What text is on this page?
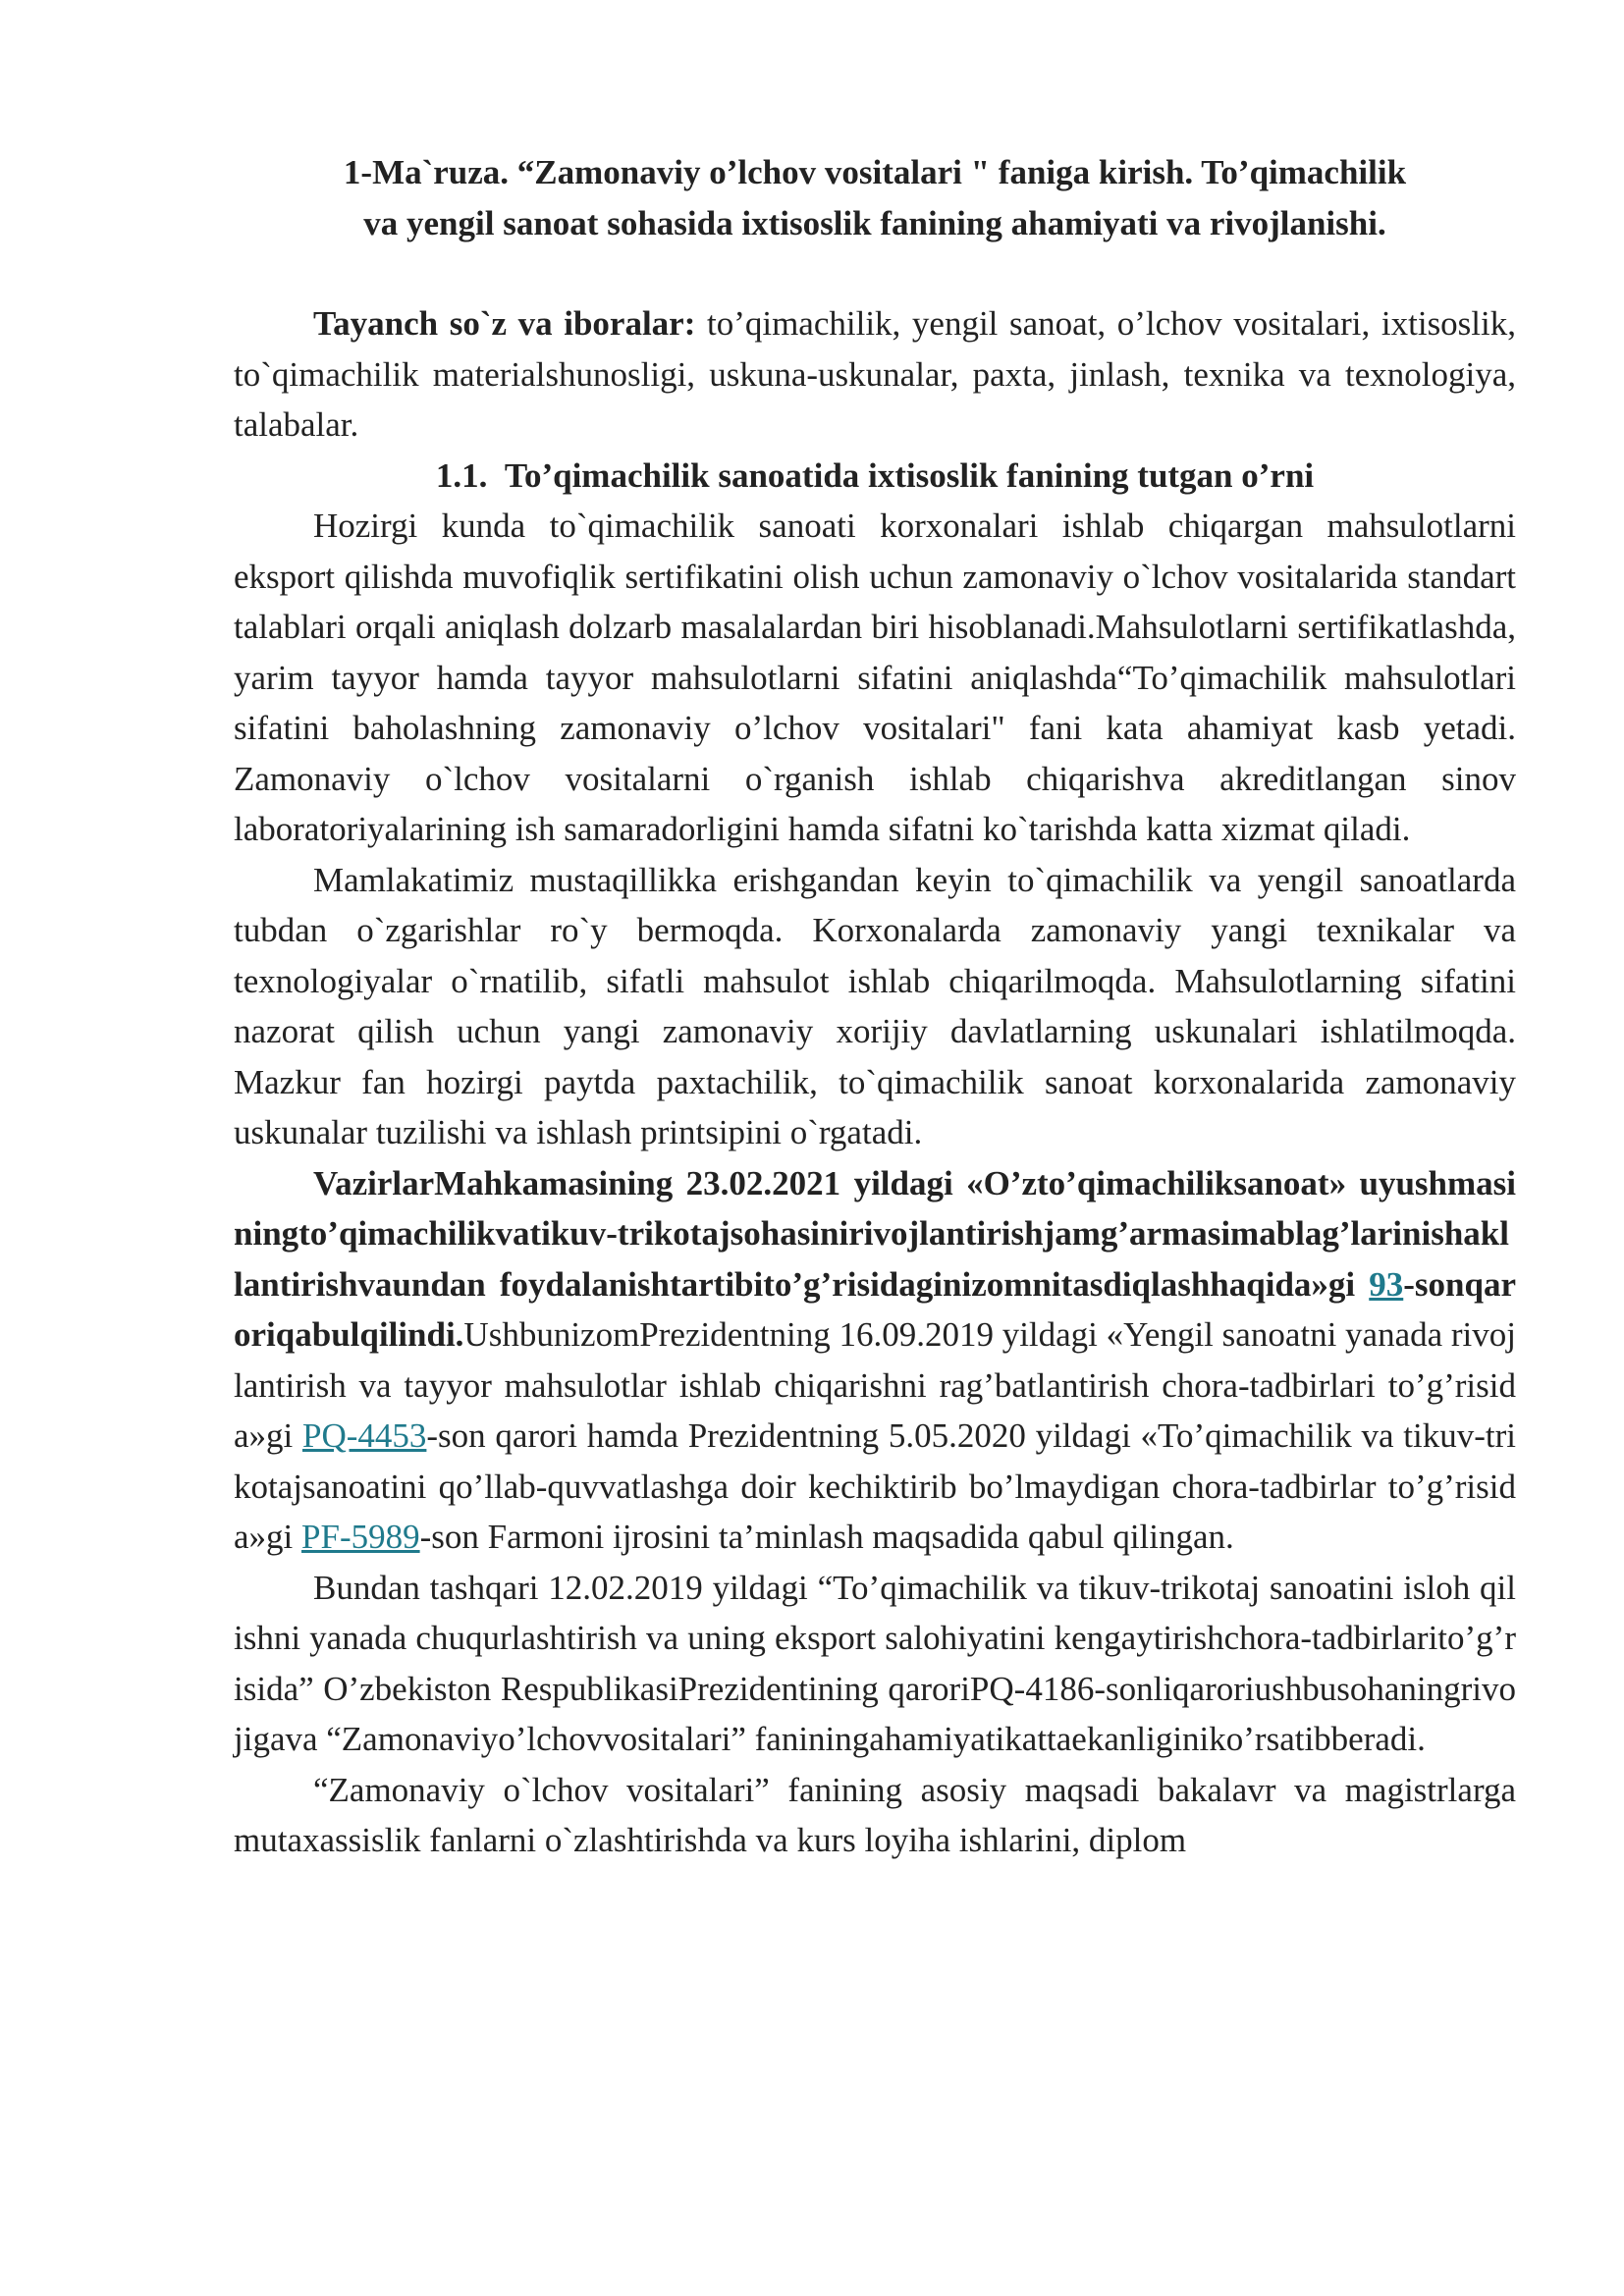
1-Ma`ruza. “Zamonaviy o’lchov vositalari " faniga kirish. To’qimachilik
va yengil sanoat sohasida ixtisoslik fanining ahamiyati va rivojlanishi.

Tayanch so`z va iboralar: to’qimachilik, yengil sanoat, o’lchov vositalari, ixtisoslik, to`qimachilik materialshunosligi, uskuna-uskunalar, paxta, jinlash, texnika va texnologiya, talabalar.

1.1. To’qimachilik sanoatida ixtisoslik fanining tutgan o’rni

Hozirgi kunda to`qimachilik sanoati korxonalari ishlab chiqargan mahsulotlarni eksport qilishda muvofiqlik sertifikatini olish uchun zamonaviy o`lchov vositalarida standart talablari orqali aniqlash dolzarb masalalardan biri hisoblanadi.Mahsulotlarni sertifikatlashda, yarim tayyor hamda tayyor mahsulotlarni sifatini aniqlashda“To’qimachilik mahsulotlari sifatini baholashning zamonaviy o’lchov vositalari" fani kata ahamiyat kasb yetadi. Zamonaviy o`lchov vositalarni o`rganish ishlab chiqarishva akreditlangan sinov laboratoriyalarining ish samaradorligini hamda sifatni ko`tarishda katta xizmat qiladi.

Mamlakatimiz mustaqillikka erishgandan keyin to`qimachilik va yengil sanoatlarda tubdan o`zgarishlar ro`y bermoqda. Korxonalarda zamonaviy yangi texnikalar va texnologiyalar o`rnatilib, sifatli mahsulot ishlab chiqarilmoqda. Mahsulotlarning sifatini nazorat qilish uchun yangi zamonaviy xorijiy davlatlarning uskunalari ishlatilmoqda. Mazkur fan hozirgi paytda paxtachilik, to`qimachilik sanoat korxonalarida zamonaviy uskunalar tuzilishi va ishlash printsipini o`rgatadi.

VazirlarMahkamasining 23.02.2021 yildagi «O’zto’qimachiliksanoat» uyushmasiningto’qimachilikvatikuv-trikotajsohasinirivojlantirishjamg’armasimablag’larinishakllantirishvaundan foydalanishtartibito’g’risidaginizomnitasdiqlashhaqida»gi 93-sonqaroriqabulqilindi.UshbunizomPrezidentning 16.09.2019 yildagi «Yengil sanoatni yanada rivojlantirish va tayyor mahsulotlar ishlab chiqarishni rag’batlantirish chora-tadbirlari to’g’risida»gi PQ-4453-son qarori hamda Prezidentning 5.05.2020 yildagi «To’qimachilik va tikuv-trikotajsanoatini qo’llab-quvvatlashga doir kechiktirib bo’lmaydigan chora-tadbirlar to’g’risida»gi PF-5989-son Farmoni ijrosini ta’minlash maqsadida qabul qilingan.

Bundan tashqari 12.02.2019 yildagi “To’qimachilik va tikuv-trikotaj sanoatini isloh qilishni yanada chuqurlashtirish va uning eksport salohiyatini kengaytirishchora-tadbirlarito’g’risida” O’zbekiston RespublikasiPrezidentining qaroriPQ-4186-sonliqaroriushbusohaningrivojigava “Zamonaviyo’lchovvositalari” faniningahamiyatikattaekanliginiko’rsatibberadi.

“Zamonaviy o`lchov vositalari” fanining asosiy maqsadi bakalavr va magistrlarga mutaxassislik fanlarni o`zlashtirishda va kurs loyiha ishlarini, diplom
